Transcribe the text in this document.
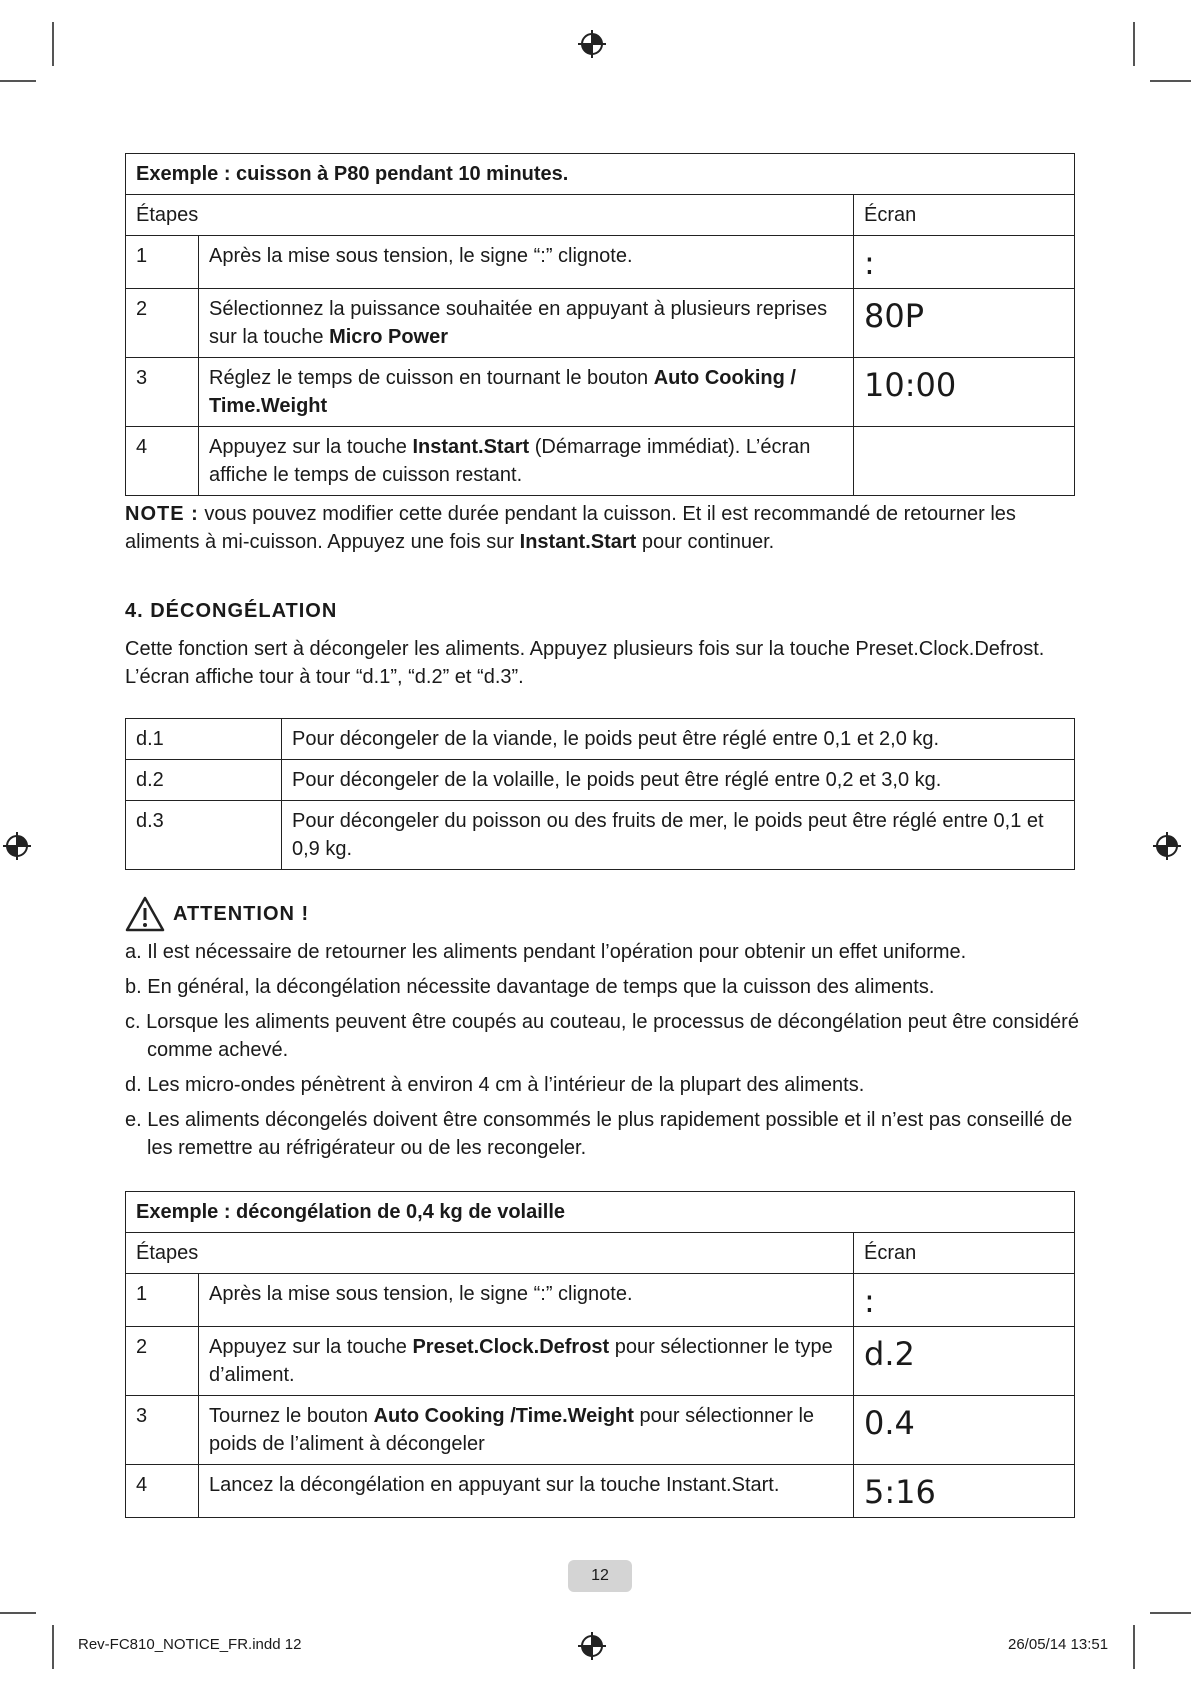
Exemple : cuisson à P80 pendant 10 minutes.		
Étapes		Écran
1	Après la mise sous tension, le signe “:” clignote.	:
2	Sélectionnez la puissance souhaitée en appuyant à plusieurs reprises sur la touche Micro Power	80P
3	Réglez le temps de cuisson en tournant le bouton Auto Cooking / Time.Weight	10:00
4	Appuyez sur la touche Instant.Start (Démarrage immédiat). L’écran affiche le temps de cuisson restant.	
NOTE : vous pouvez modifier cette durée pendant la cuisson. Et il est recommandé de retourner les aliments à mi-cuisson. Appuyez une fois sur Instant.Start pour continuer.
4. DÉCONGÉLATION
Cette fonction sert à décongeler les aliments. Appuyez plusieurs fois sur la touche Preset.Clock.Defrost. L’écran affiche tour à tour “d.1”, “d.2” et “d.3”.
d.1	Pour décongeler de la viande, le poids peut être réglé entre 0,1 et 2,0 kg.
d.2	Pour décongeler de la volaille, le poids peut être réglé entre 0,2 et 3,0 kg.
d.3	Pour décongeler du poisson ou des fruits de mer, le poids peut être réglé entre 0,1 et 0,9 kg.
ATTENTION !
a. Il est nécessaire de retourner les aliments pendant l’opération pour obtenir un effet uniforme.
b. En général, la décongélation nécessite davantage de temps que la cuisson des aliments.
c. Lorsque les aliments peuvent être coupés au couteau, le processus de décongélation peut être considéré comme achevé.
d. Les micro-ondes pénètrent à environ 4 cm à l’intérieur de la plupart des aliments.
e. Les aliments décongelés doivent être consommés le plus rapidement possible et il n’est pas conseillé de les remettre au réfrigérateur ou de les recongeler.
Exemple : décongélation de 0,4 kg de volaille		
Étapes		Écran
1	Après la mise sous tension, le signe “:” clignote.	:
2	Appuyez sur la touche Preset.Clock.Defrost pour sélectionner le type d’aliment.	d.2
3	Tournez le bouton Auto Cooking /Time.Weight pour sélectionner le poids de l’aliment à décongeler	0.4
4	Lancez la décongélation en appuyant sur la touche Instant.Start.	5:16
12
Rev-FC810_NOTICE_FR.indd 12	26/05/14 13:51
